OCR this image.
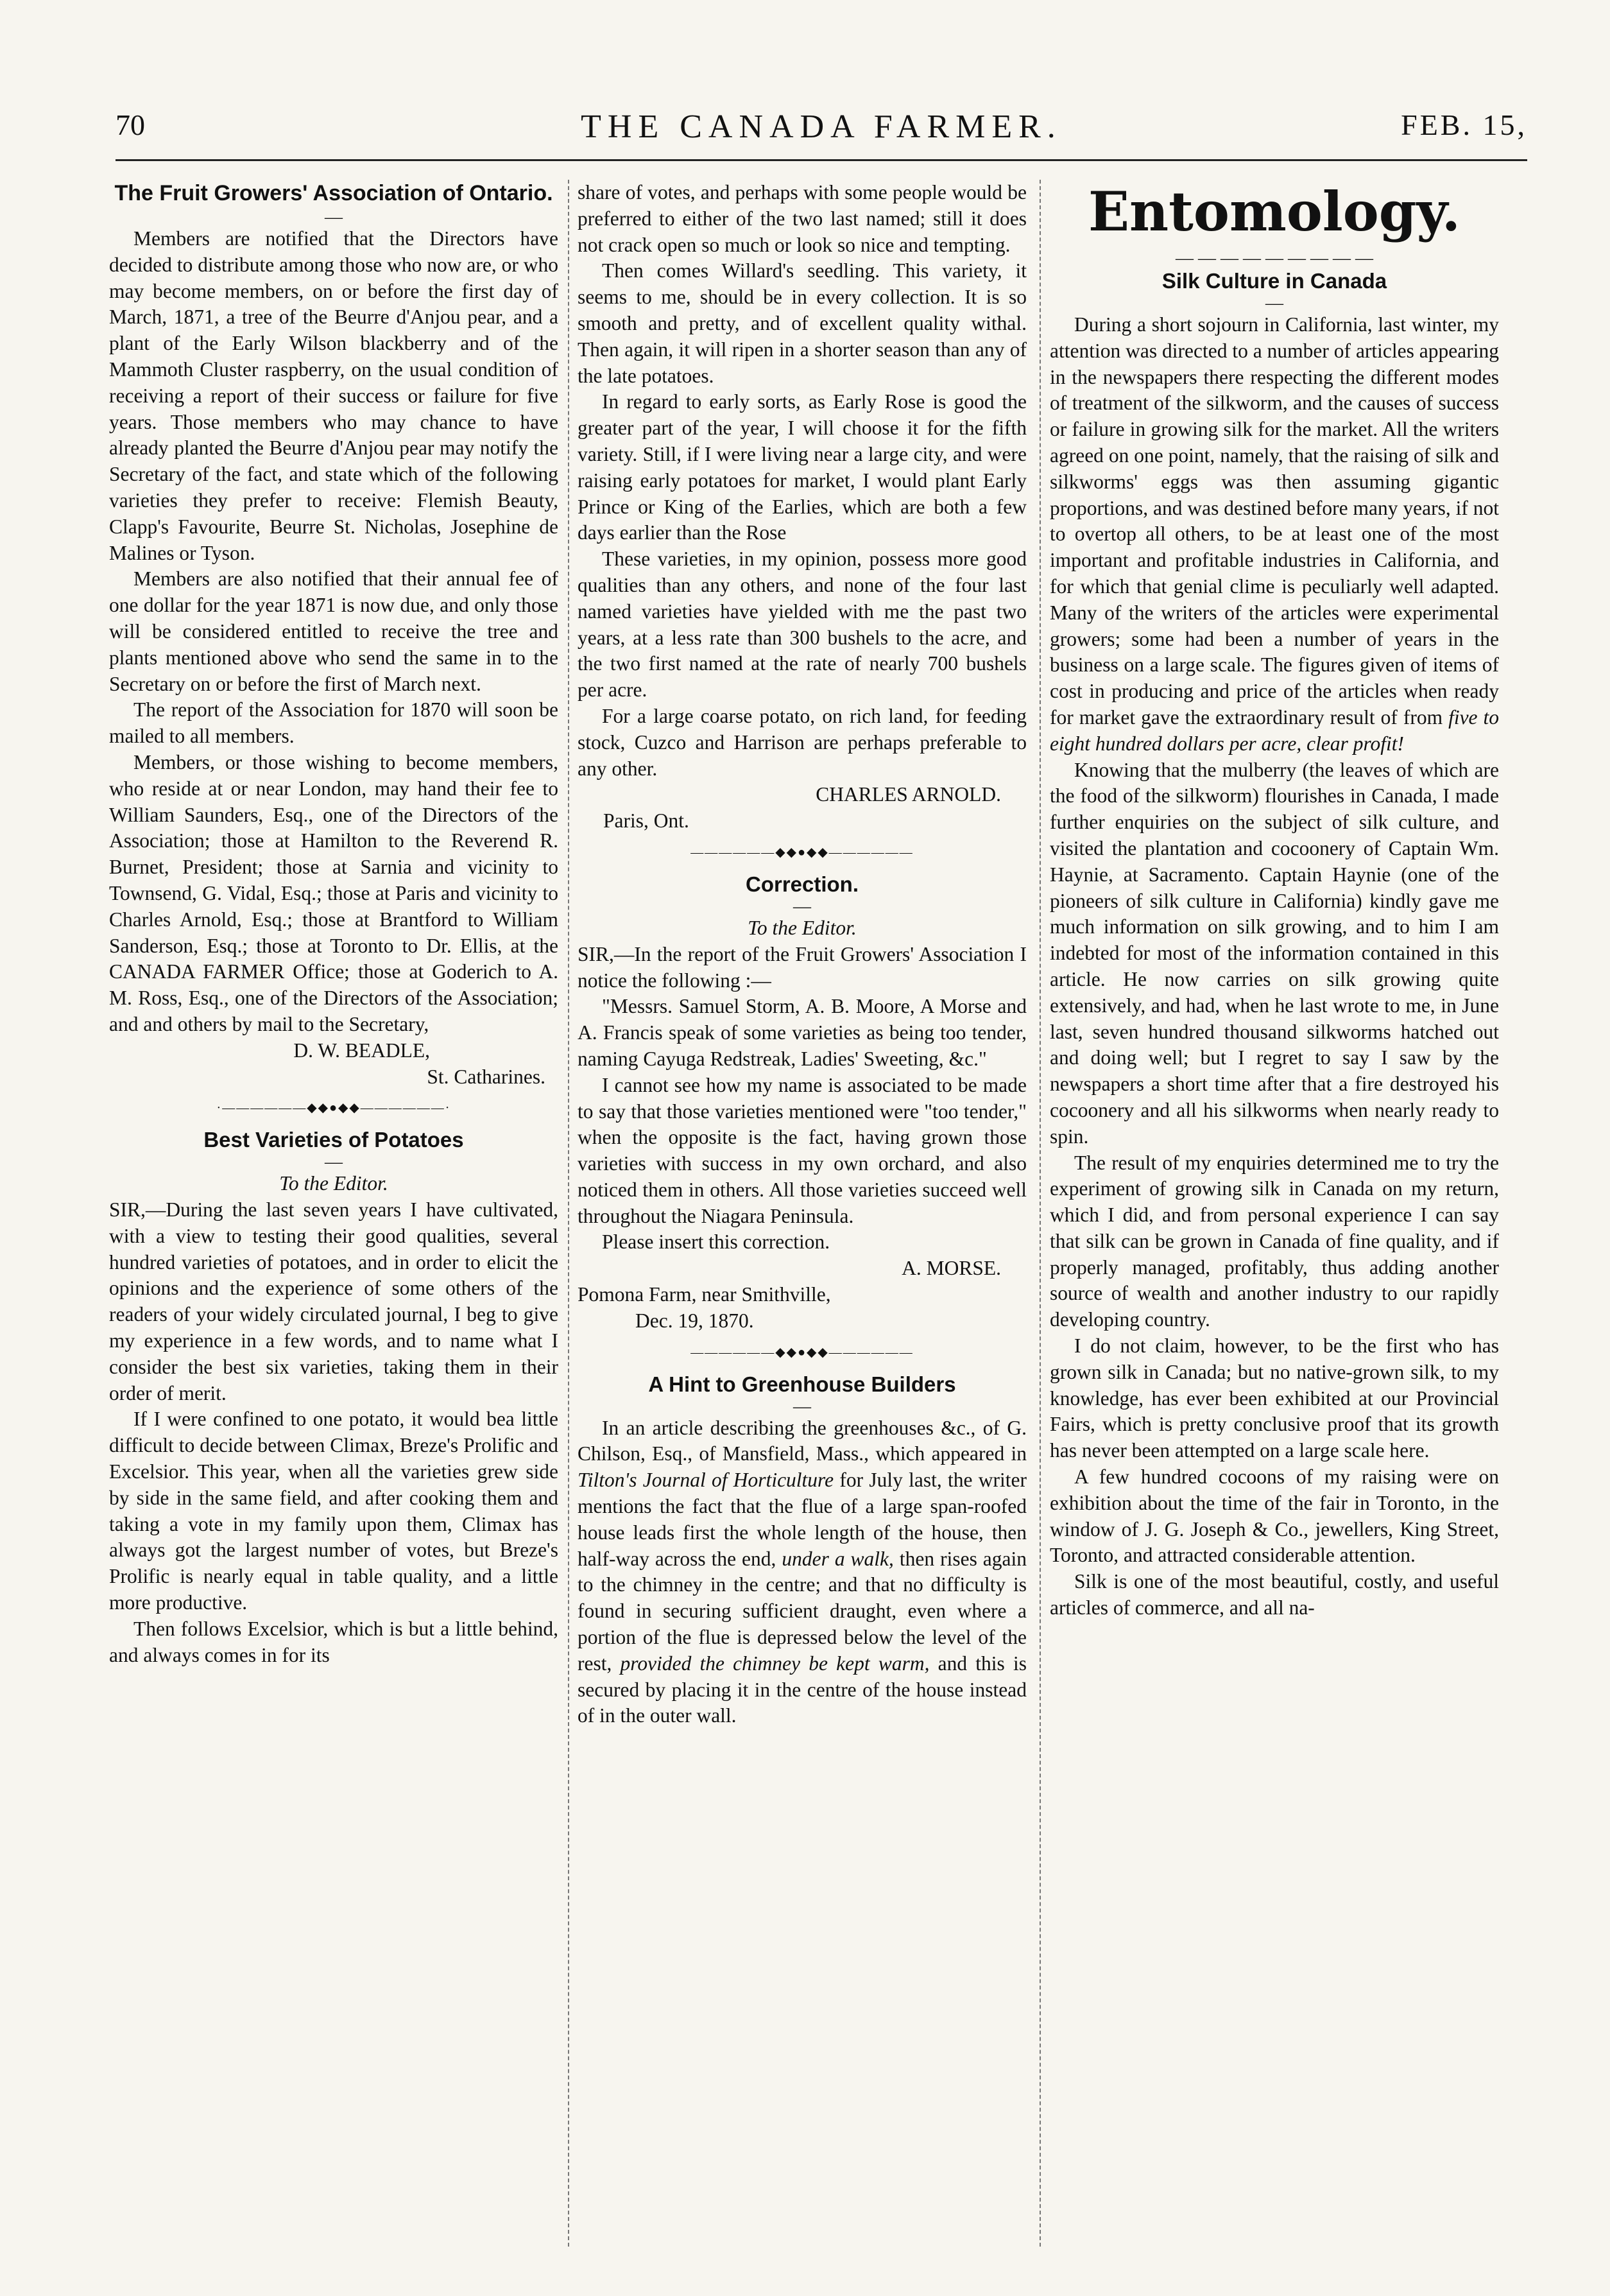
70	THE CANADA FARMER.	FEB. 15,
The Fruit Growers' Association of Ontario.
—

Members are notified that the Directors have decided to distribute among those who now are, or who may become members, on or before the first day of March, 1871, a tree of the Beurre d'Anjou pear, and a plant of the Early Wilson blackberry and of the Mammoth Cluster raspberry, on the usual condition of receiving a report of their success or failure for five years. Those members who may chance to have already planted the Beurre d'Anjou pear may notify the Secretary of the fact, and state which of the following varieties they prefer to receive: Flemish Beauty, Clapp's Favourite, Beurre St. Nicholas, Josephine de Malines or Tyson.

Members are also notified that their annual fee of one dollar for the year 1871 is now due, and only those will be considered entitled to receive the tree and plants mentioned above who send the same in to the Secretary on or before the first of March next.

The report of the Association for 1870 will soon be mailed to all members.

Members, or those wishing to become members, who reside at or near London, may hand their fee to William Saunders, Esq., one of the Directors of the Association; those at Hamilton to the Reverend R. Burnet, President; those at Sarnia and vicinity to Townsend, G. Vidal, Esq.; those at Paris and vicinity to Charles Arnold, Esq.; those at Brantford to William Sanderson, Esq.; those at Toronto to Dr. Ellis, at the CANADA FARMER Office; those at Goderich to A. M. Ross, Esq., one of the Directors of the Association; and and others by mail to the Secretary,

D. W. BEADLE,
St. Catharines.
·——————◆◆●◆◆——————·
Best Varieties of Potatoes
—
To the Editor.

SIR,—During the last seven years I have cultivated, with a view to testing their good qualities, several hundred varieties of potatoes, and in order to elicit the opinions and the experience of some others of the readers of your widely circulated journal, I beg to give my experience in a few words, and to name what I consider the best six varieties, taking them in their order of merit.

If I were confined to one potato, it would bea little difficult to decide between Climax, Breze's Prolific and Excelsior. This year, when all the varieties grew side by side in the same field, and after cooking them and taking a vote in my family upon them, Climax has always got the largest number of votes, but Breze's Prolific is nearly equal in table quality, and a little more productive.

Then follows Excelsior, which is but a little behind, and always comes in for its

share of votes, and perhaps with some people would be preferred to either of the two last named; still it does not crack open so much or look so nice and tempting.

Then comes Willard's seedling. This variety, it seems to me, should be in every collection. It is so smooth and pretty, and of excellent quality withal. Then again, it will ripen in a shorter season than any of the late potatoes.

In regard to early sorts, as Early Rose is good the greater part of the year, I will choose it for the fifth variety. Still, if I were living near a large city, and were raising early potatoes for market, I would plant Early Prince or King of the Earlies, which are both a few days earlier than the Rose

These varieties, in my opinion, possess more good qualities than any others, and none of the four last named varieties have yielded with me the past two years, at a less rate than 300 bushels to the acre, and the two first named at the rate of nearly 700 bushels per acre.

For a large coarse potato, on rich land, for feeding stock, Cuzco and Harrison are perhaps preferable to any other.

CHARLES ARNOLD.
Paris, Ont.
——————◆◆●◆◆——————
Correction.
—
To the Editor.

SIR,—In the report of the Fruit Growers' Association I notice the following :—

"Messrs. Samuel Storm, A. B. Moore, A Morse and A. Francis speak of some varieties as being too tender, naming Cayuga Redstreak, Ladies' Sweeting, &c."

I cannot see how my name is associated to be made to say that those varieties mentioned were "too tender," when the opposite is the fact, having grown those varieties with success in my own orchard, and also noticed them in others. All those varieties succeed well throughout the Niagara Peninsula.

Please insert this correction.

A. MORSE.
Pomona Farm, near Smithville,
Dec. 19, 1870.
——————◆◆●◆◆——————
A Hint to Greenhouse Builders
—

In an article describing the greenhouses &c., of G. Chilson, Esq., of Mansfield, Mass., which appeared in Tilton's Journal of Horticulture for July last, the writer mentions the fact that the flue of a large span-roofed house leads first the whole length of the house, then half-way across the end, under a walk, then rises again to the chimney in the centre; and that no difficulty is found in securing sufficient draught, even where a portion of the flue is depressed below the level of the rest, provided the chimney be kept warm, and this is secured by placing it in the centre of the house instead of in the outer wall.

Entomology.
— — — — — — — — —
Silk Culture in Canada
—

During a short sojourn in California, last winter, my attention was directed to a number of articles appearing in the newspapers there respecting the different modes of treatment of the silkworm, and the causes of success or failure in growing silk for the market. All the writers agreed on one point, namely, that the raising of silk and silkworms' eggs was then assuming gigantic proportions, and was destined before many years, if not to overtop all others, to be at least one of the most important and profitable industries in California, and for which that genial clime is peculiarly well adapted. Many of the writers of the articles were experimental growers; some had been a number of years in the business on a large scale. The figures given of items of cost in producing and price of the articles when ready for market gave the extraordinary result of from five to eight hundred dollars per acre, clear profit!

Knowing that the mulberry (the leaves of which are the food of the silkworm) flourishes in Canada, I made further enquiries on the subject of silk culture, and visited the plantation and cocoonery of Captain Wm. Haynie, at Sacramento. Captain Haynie (one of the pioneers of silk culture in California) kindly gave me much information on silk growing, and to him I am indebted for most of the information contained in this article. He now carries on silk growing quite extensively, and had, when he last wrote to me, in June last, seven hundred thousand silkworms hatched out and doing well; but I regret to say I saw by the newspapers a short time after that a fire destroyed his cocoonery and all his silkworms when nearly ready to spin.

The result of my enquiries determined me to try the experiment of growing silk in Canada on my return, which I did, and from personal experience I can say that silk can be grown in Canada of fine quality, and if properly managed, profitably, thus adding another source of wealth and another industry to our rapidly developing country.

I do not claim, however, to be the first who has grown silk in Canada; but no native-grown silk, to my knowledge, has ever been exhibited at our Provincial Fairs, which is pretty conclusive proof that its growth has never been attempted on a large scale here.

A few hundred cocoons of my raising were on exhibition about the time of the fair in Toronto, in the window of J. G. Joseph & Co., jewellers, King Street, Toronto, and attracted considerable attention.

Silk is one of the most beautiful, costly, and useful articles of commerce, and all na-
